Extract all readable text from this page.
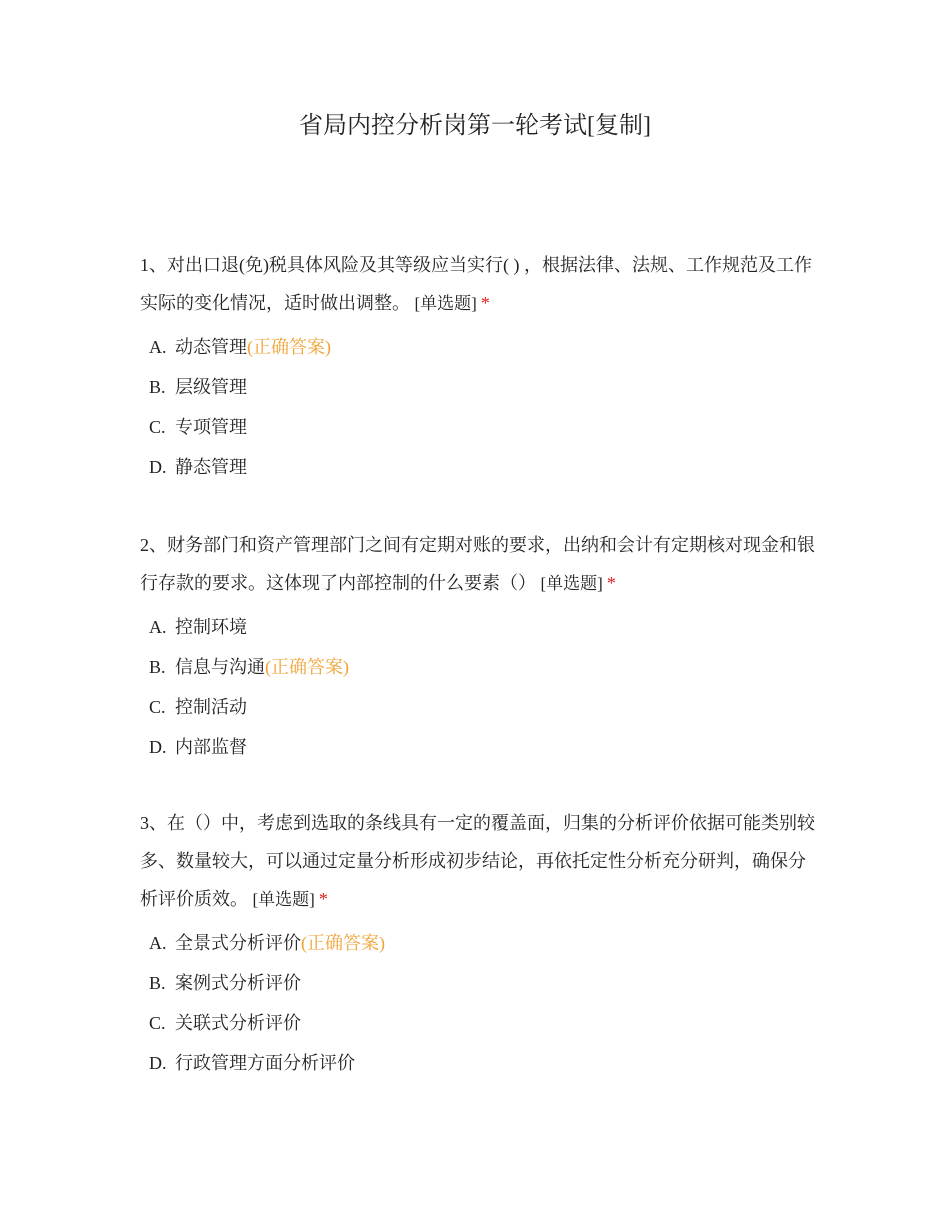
省局内控分析岗第一轮考试[复制]
1、对出口退(免)税具体风险及其等级应当实行( ) ，根据法律、法规、工作规范及工作实际的变化情况，适时做出调整。 [单选题] *
A. 动态管理(正确答案)
B. 层级管理
C. 专项管理
D. 静态管理
2、财务部门和资产管理部门之间有定期对账的要求，出纳和会计有定期核对现金和银行存款的要求。这体现了内部控制的什么要素（） [单选题] *
A. 控制环境
B. 信息与沟通(正确答案)
C. 控制活动
D. 内部监督
3、在（）中，考虑到选取的条线具有一定的覆盖面，归集的分析评价依据可能类别较多、数量较大，可以通过定量分析形成初步结论，再依托定性分析充分研判，确保分析评价质效。 [单选题] *
A. 全景式分析评价(正确答案)
B. 案例式分析评价
C. 关联式分析评价
D. 行政管理方面分析评价
